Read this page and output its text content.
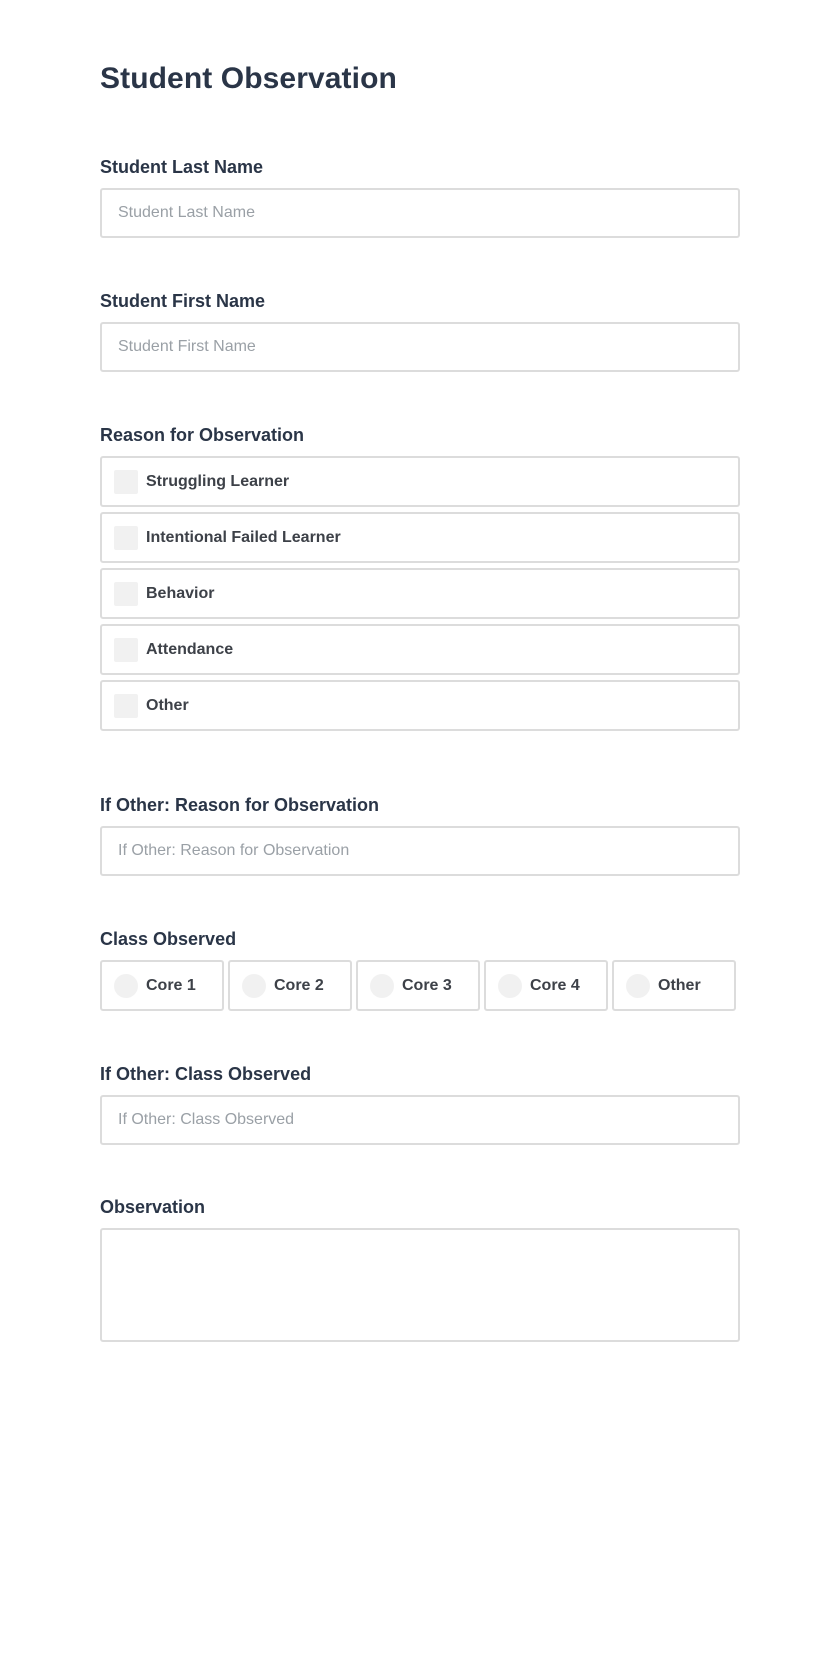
Student Observation
Student Last Name
Student Last Name
Student First Name
Student First Name
Reason for Observation
Struggling Learner
Intentional Failed Learner
Behavior
Attendance
Other
If Other: Reason for Observation
If Other: Reason for Observation
Class Observed
Core 1	Core 2	Core 3	Core 4	Other
If Other: Class Observed
If Other: Class Observed
Observation
